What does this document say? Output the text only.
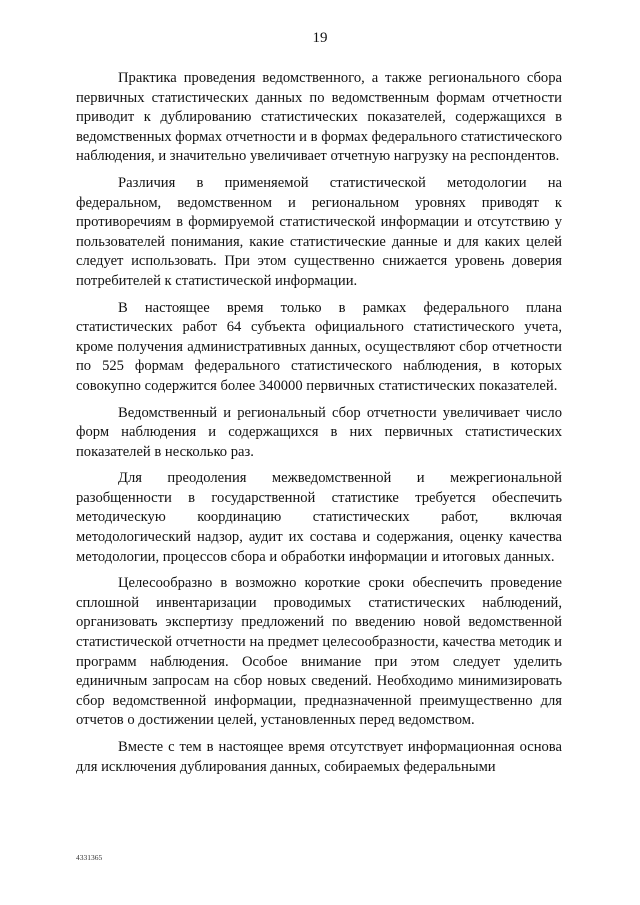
19

Практика проведения ведомственного, а также регионального сбора первичных статистических данных по ведомственным формам отчетности приводит к дублированию статистических показателей, содержащихся в ведомственных формах отчетности и в формах федерального статистического наблюдения, и значительно увеличивает отчетную нагрузку на респондентов.

Различия в применяемой статистической методологии на федеральном, ведомственном и региональном уровнях приводят к противоречиям в формируемой статистической информации и отсутствию у пользователей понимания, какие статистические данные и для каких целей следует использовать. При этом существенно снижается уровень доверия потребителей к статистической информации.

В настоящее время только в рамках федерального плана статистических работ 64 субъекта официального статистического учета, кроме получения административных данных, осуществляют сбор отчетности по 525 формам федерального статистического наблюдения, в которых совокупно содержится более 340000 первичных статистических показателей.

Ведомственный и региональный сбор отчетности увеличивает число форм наблюдения и содержащихся в них первичных статистических показателей в несколько раз.

Для преодоления межведомственной и межрегиональной разобщенности в государственной статистике требуется обеспечить методическую координацию статистических работ, включая методологический надзор, аудит их состава и содержания, оценку качества методологии, процессов сбора и обработки информации и итоговых данных.

Целесообразно в возможно короткие сроки обеспечить проведение сплошной инвентаризации проводимых статистических наблюдений, организовать экспертизу предложений по введению новой ведомственной статистической отчетности на предмет целесообразности, качества методик и программ наблюдения. Особое внимание при этом следует уделить единичным запросам на сбор новых сведений. Необходимо минимизировать сбор ведомственной информации, предназначенной преимущественно для отчетов о достижении целей, установленных перед ведомством.

Вместе с тем в настоящее время отсутствует информационная основа для исключения дублирования данных, собираемых федеральными

4331365
